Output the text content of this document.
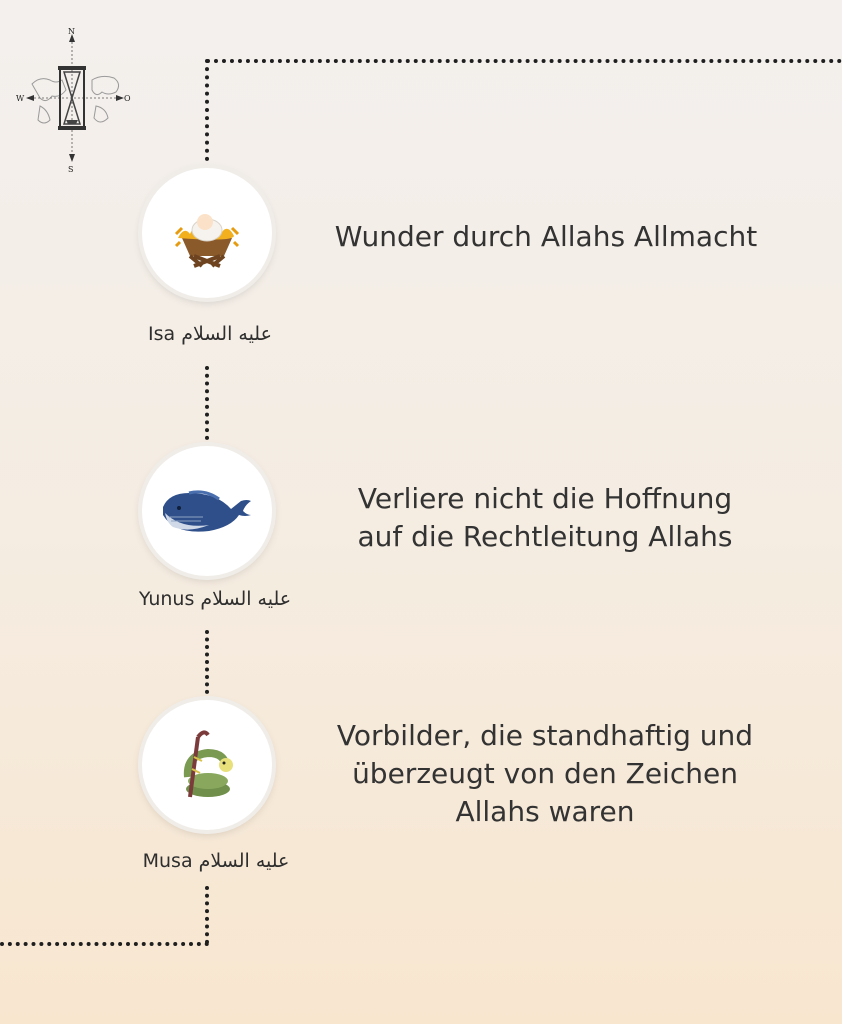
N
S
W	O
Isa عليه السلام
Wunder durch Allahs Allmacht
Yunus عليه السلام
Verliere nicht die Hoffnung
auf die Rechtleitung Allahs
Musa عليه السلام
Vorbilder, die standhaftig und
überzeugt von den Zeichen
Allahs waren
